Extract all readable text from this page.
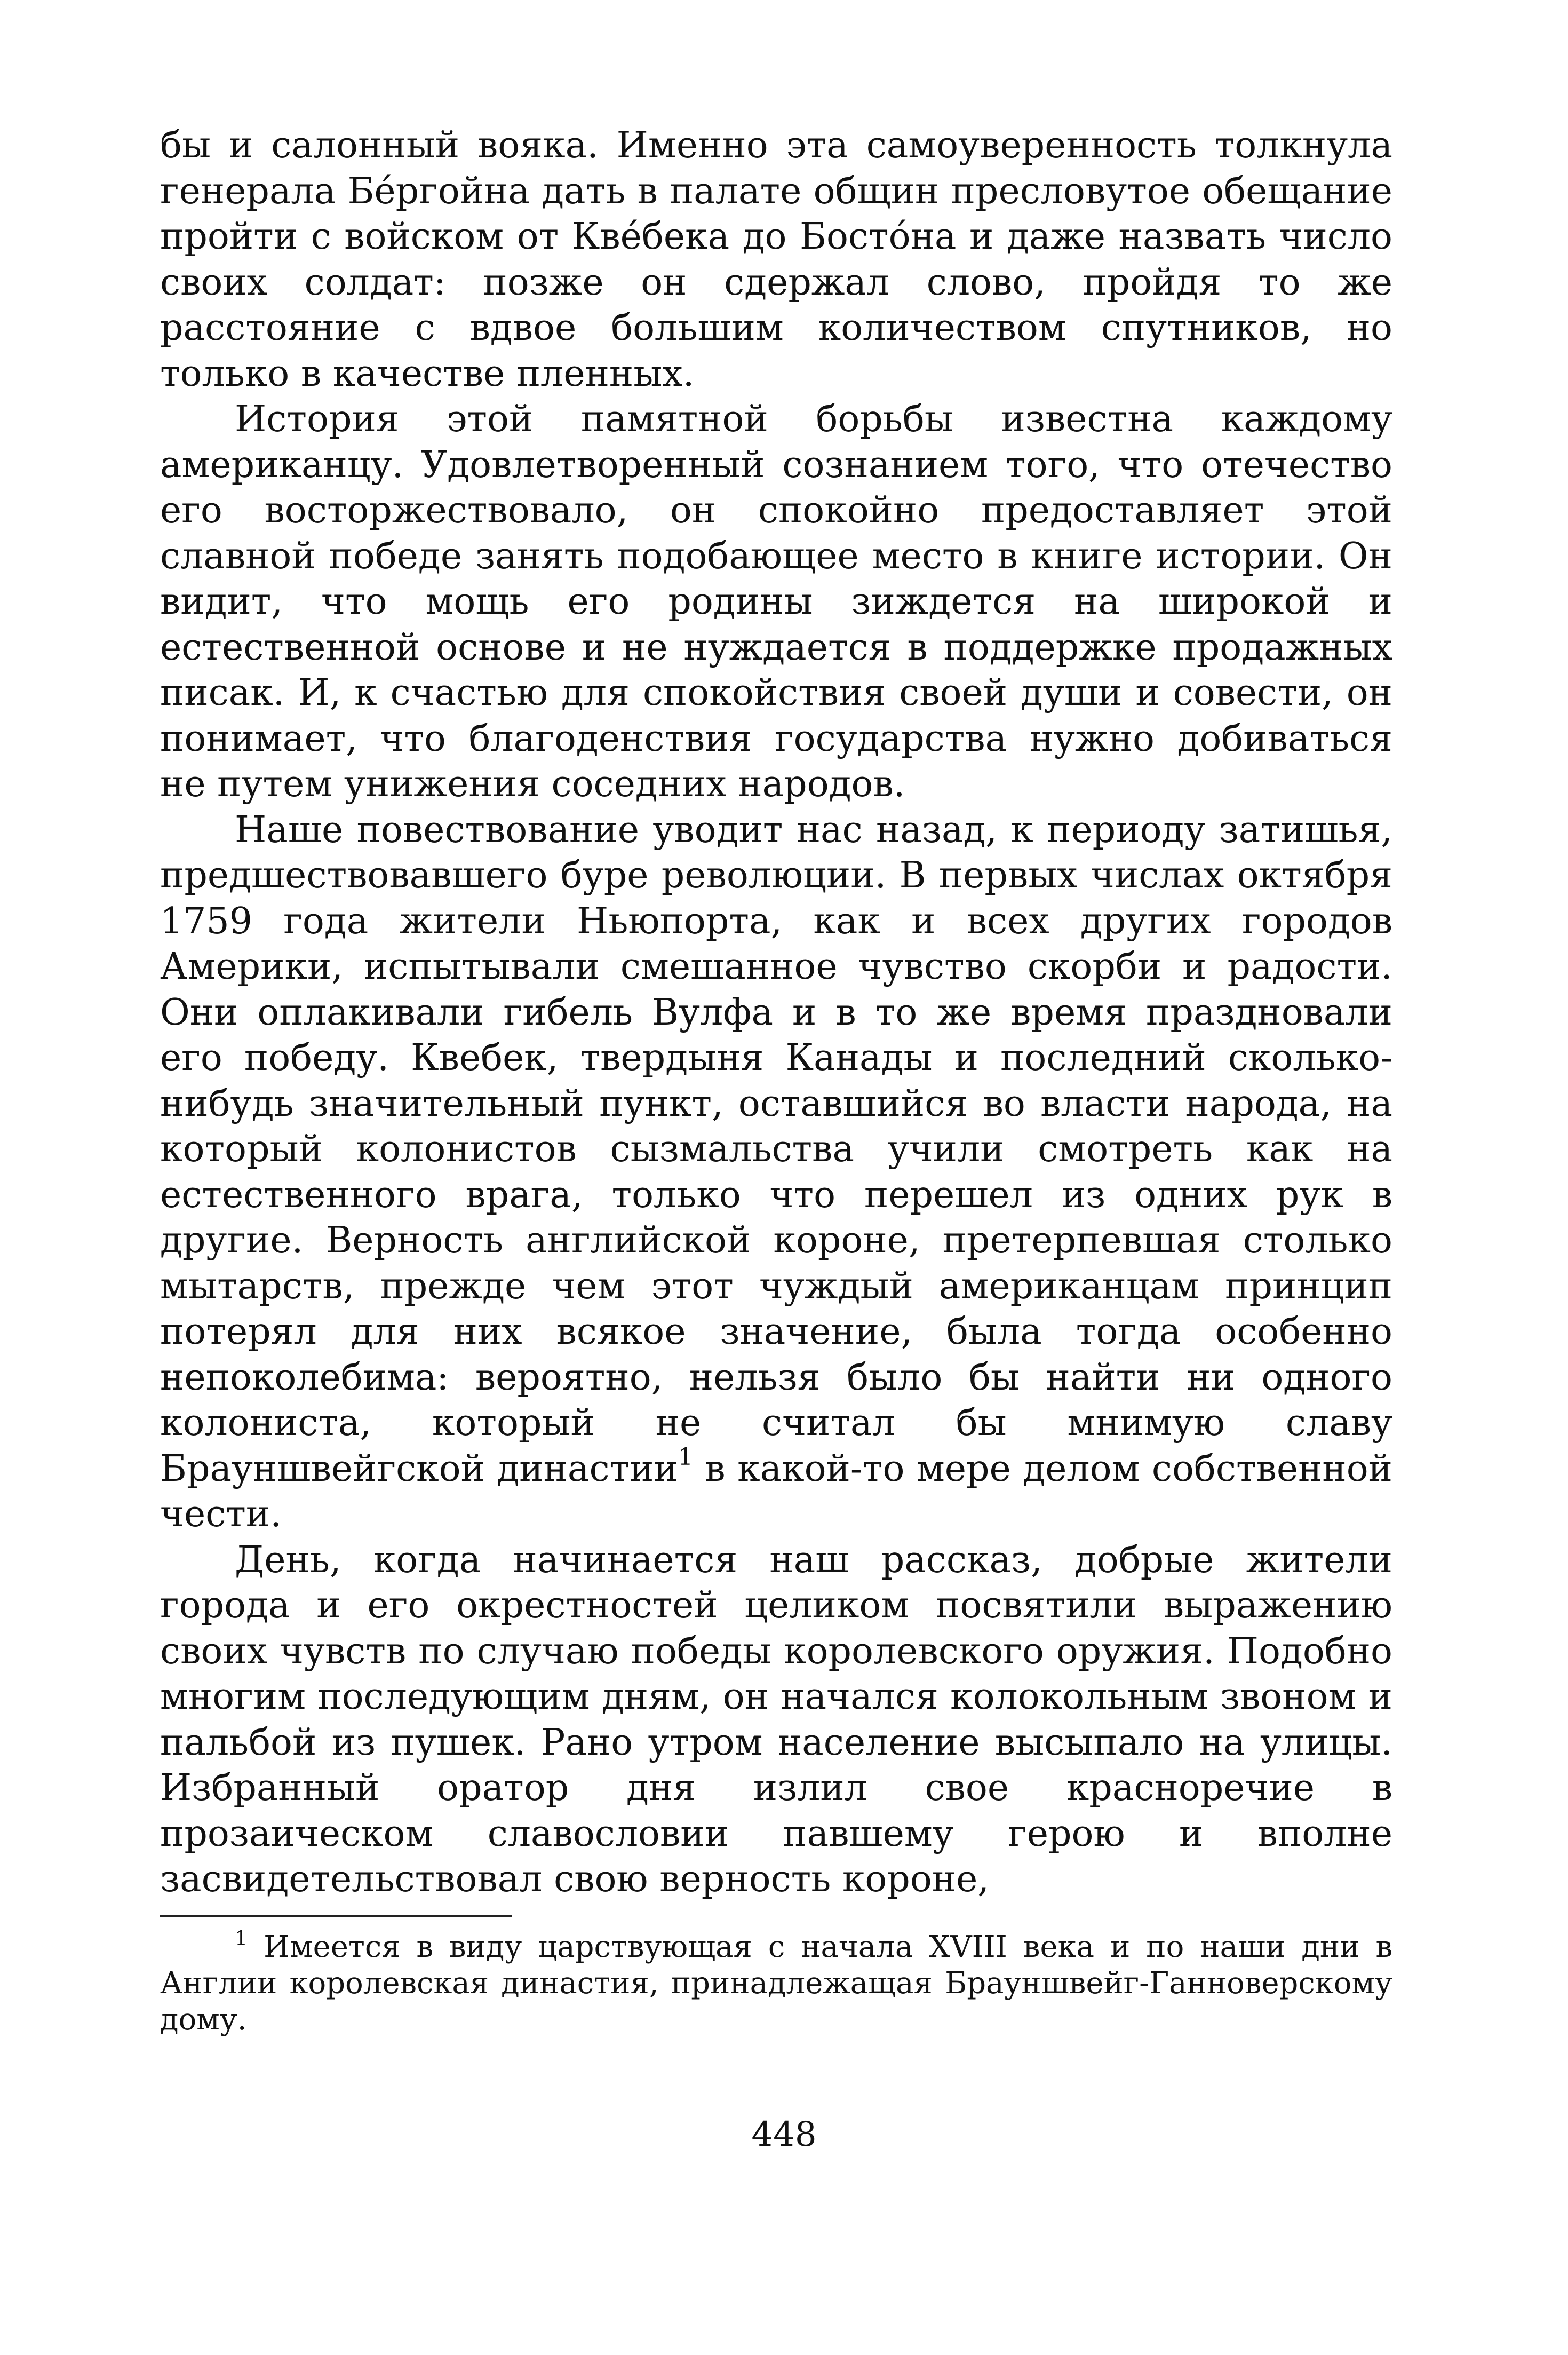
бы и салонный вояка. Именно эта самоуверенность толкнула генерала Бе́ргойна дать в палате общин пресловутое обещание пройти с войском от Кве́бека до Босто́на и даже назвать число своих солдат: позже он сдержал слово, пройдя то же расстояние с вдвое большим количеством спутников, но только в качестве пленных.

История этой памятной борьбы известна каждому американцу. Удовлетворенный сознанием того, что отечество его восторжествовало, он спокойно предоставляет этой славной победе занять подобающее место в книге истории. Он видит, что мощь его родины зиждется на широкой и естественной основе и не нуждается в поддержке продажных писак. И, к счастью для спокойствия своей души и совести, он понимает, что благоденствия государства нужно добиваться не путем унижения соседних народов.

Наше повествование уводит нас назад, к периоду затишья, предшествовавшего буре революции. В первых числах октября 1759 года жители Ньюпорта, как и всех других городов Америки, испытывали смешанное чувство скорби и радости. Они оплакивали гибель Вулфа и в то же время праздновали его победу. Квебек, твердыня Канады и последний сколько-нибудь значительный пункт, оставшийся во власти народа, на который колонистов сызмальства учили смотреть как на естественного врага, только что перешел из одних рук в другие. Верность английской короне, претерпевшая столько мытарств, прежде чем этот чуждый американцам принцип потерял для них всякое значение, была тогда особенно непоколебима: вероятно, нельзя было бы найти ни одного колониста, который не считал бы мнимую славу Брауншвейгской династии$^1$ в какой-то мере делом собственной чести.

День, когда начинается наш рассказ, добрые жители города и его окрестностей целиком посвятили выражению своих чувств по случаю победы королевского оружия. Подобно многим последующим дням, он начался колокольным звоном и пальбой из пушек. Рано утром население высыпало на улицы. Избранный оратор дня излил свое красноречие в прозаическом славословии павшему герою и вполне засвидетельствовал свою верность короне,

$^1$ Имеется в виду царствующая с начала XVIII века и по наши дни в Англии королевская династия, принадлежащая Брауншвейг-Ганноверскому дому.

448
